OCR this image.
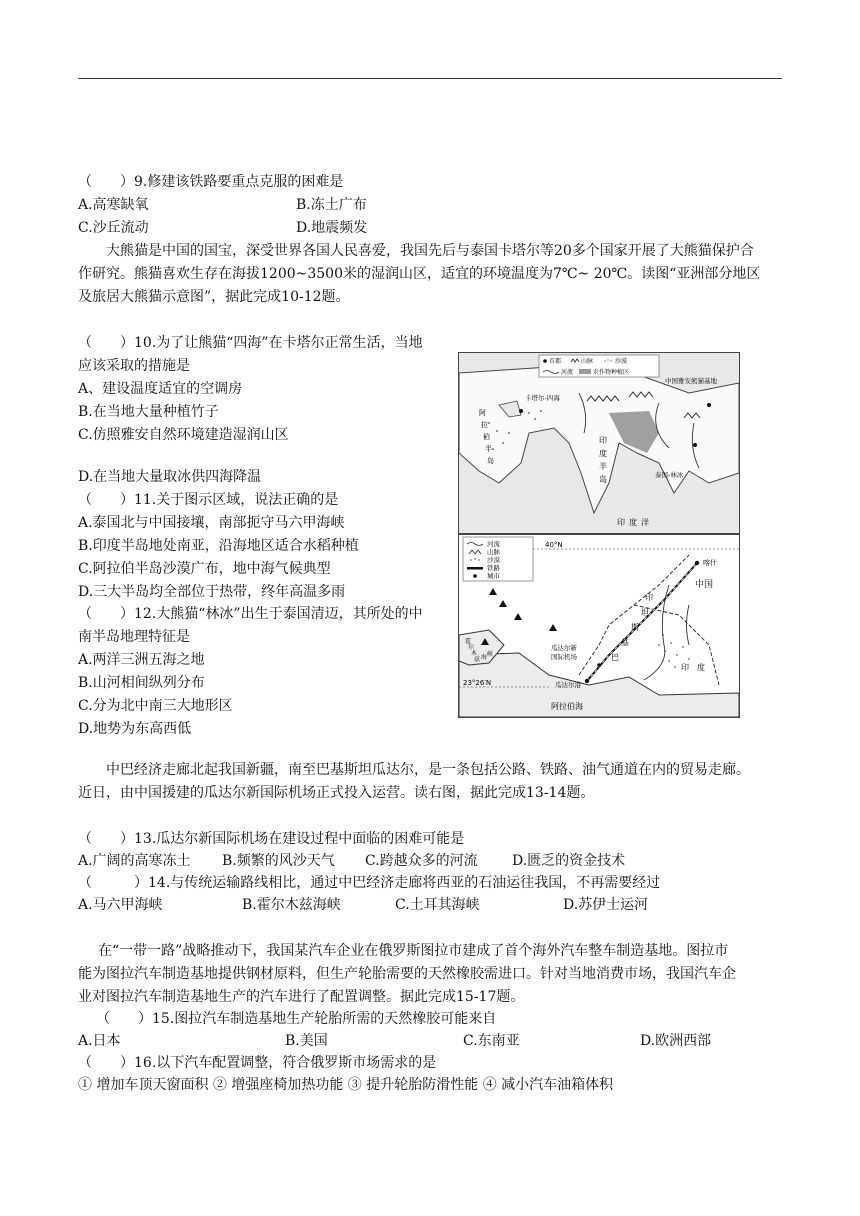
（　　）9.修建该铁路要重点克服的困难是
A.高寒缺氧	B.冻土广布
C.沙丘流动	D.地震频发
大熊猫是中国的国宝，深受世界各国人民喜爱，我国先后与泰国卡塔尔等20多个国家开展了大熊猫保护合
作研究。熊猫喜欢生存在海拔1200~3500米的湿润山区，适宜的环境温度为7℃~ 20℃。读图“亚洲部分地区
及旅居大熊猫示意图”，据此完成10-12题。
（　　）10.为了让熊猫“四海”在卡塔尔正常生活，当地
应该采取的措施是
A、建设温度适宜的空调房
B.在当地大量种植竹子
C.仿照雅安自然环境建造湿润山区
D.在当地大量取冰供四海降温
（　　）11.关于图示区域，说法正确的是
A.泰国北与中国接壤，南部扼守马六甲海峡
B.印度半岛地处南亚，沿海地区适合水稻种植
C.阿拉伯半岛沙漠广布，地中海气候典型
D.三大半岛均全部位于热带，终年高温多雨
（　　）12.大熊猫“林冰”出生于泰国清迈，其所处的中
南半岛地理特征是
A.两洋三洲五海之地
B.山河相间纵列分布
C.分为北中南三大地形区
D.地势为东高西低
首都	山脉	沙漠
河流	农作物种植区
中国雅安熊猫基地
卡塔尔-四海
阿
拉
伯
半
岛
印
度
半
岛	泰国-林冰
印度洋
河流
山脉
沙漠
铁路
城市
40°N
喀什
中国
巴
基
斯
坦
印
印　度
瓜达尔新
国际机场
瓜达尔港
23°26′N
霍
尔
木
兹 海 峡
阿拉伯海
中巴经济走廊北起我国新疆，南至巴基斯坦瓜达尔，是一条包括公路、铁路、油气通道在内的贸易走廊。
近日，由中国援建的瓜达尔新国际机场正式投入运营。读右图，据此完成13-14题。
（　　）13.瓜达尔新国际机场在建设过程中面临的困难可能是
A.广阔的高寒冻土 B.频繁的风沙天气 C.跨越众多的河流 D.匮乏的资金技术
（　　　）14.与传统运输路线相比，通过中巴经济走廊将西亚的石油运往我国，不再需要经过
A.马六甲海峡	B.霍尔木兹海峡	C.土耳其海峡	D.苏伊士运河
在“一带一路”战略推动下，我国某汽车企业在俄罗斯图拉市建成了首个海外汽车整车制造基地。图拉市
能为图拉汽车制造基地提供钢材原料，但生产轮胎需要的天然橡胶需进口。针对当地消费市场，我国汽车企
业对图拉汽车制造基地生产的汽车进行了配置调整。据此完成15-17题。
（　　）15.图拉汽车制造基地生产轮胎所需的天然橡胶可能来自
A.日本	B.美国	C.东南亚	D.欧洲西部
（　　）16.以下汽车配置调整，符合俄罗斯市场需求的是
① 增加车顶天窗面积 ② 增强座椅加热功能 ③ 提升轮胎防滑性能 ④ 减小汽车油箱体积
